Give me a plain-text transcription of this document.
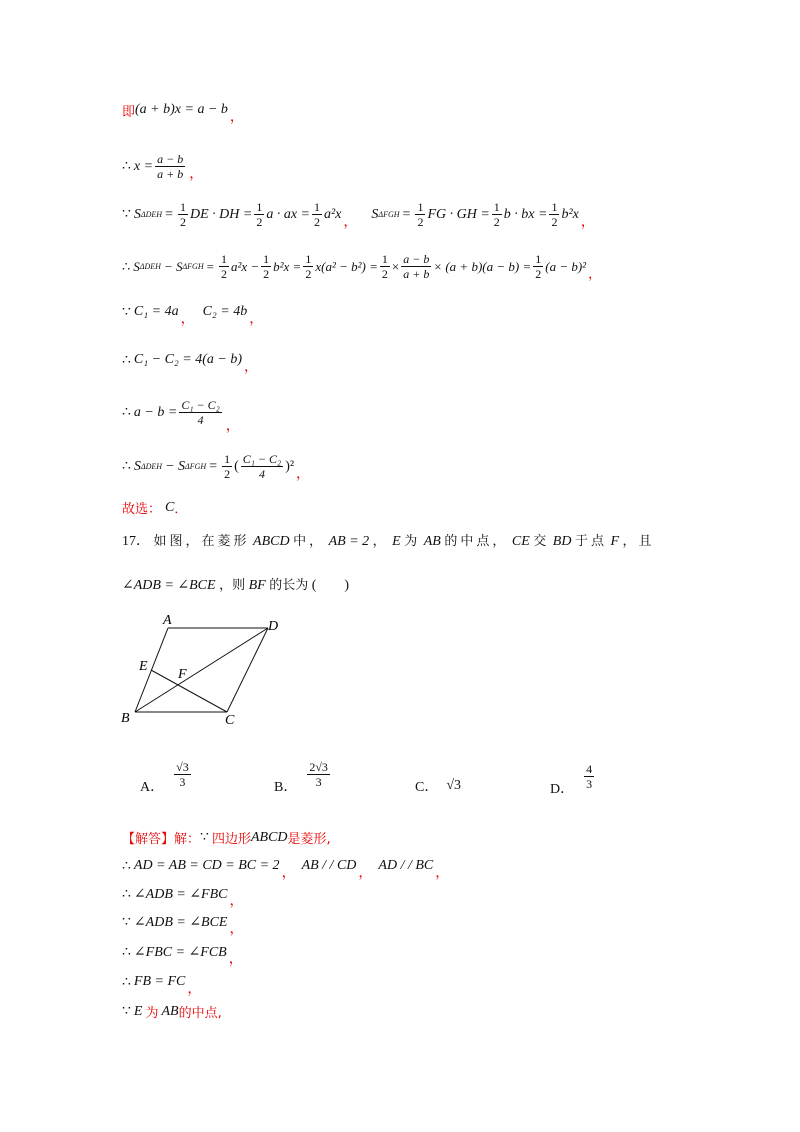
即 (a + b)x = a − b
，
∴ $x = \frac{a - b}{a + b}$ ，
∵ S $\Delta DEH = \frac{1}{2}$ DE · DH = $\frac{1}{2}$ a · ax = $\frac{1}{2} a^2x$
，
S $\Delta FGH = \frac{1}{2}$ FG · GH = $\frac{1}{2}$ b · bx = $\frac{1}{2} b^2x$
，
∴ S ΔDEH − S $\Delta FGH = \frac{1}{2} a^2x - \frac{1}{2} b^2x = \frac{1}{2} x(a^2 - b^2) = \frac{1}{2} \times \frac{a - b}{a + b} \times (a + b)(a - b) = \frac{1}{2} (a - b)^2$ ，
∵ C₁ = 4a
，
C₂ = 4b
，
∴ C₁ − C₂ = 4(a − b)
，
∴ $a - b = \frac{\text{C₁ − C₂}}{4}$ ，
∴ S ΔDEH − S $\Delta FGH = \frac{1}{2}$ ( $\frac{\text{C₁ − C₂}}{4} )^2$
，
故选： C ．
17． 如图，在菱形 ABCD 中， AB = 2 ， E 为 AB 的中点， CE 交 BD 于点 F ，且
∠ADB = ∠BCE ，则 BF 的长为 (　　)
A	D
E
F
B	C
A． $\frac{√3}{3}$	B． $\frac{2√3}{3}$	C． √3	D． $\frac{4}{3}$
【解答】 解： ∵ 四边形 ABCD 是菱形,
∴ AD = AB = CD = BC = 2
，
AB / / CD
，
AD / / BC
，
∴ ∠ADB = ∠FBC ，
∵ ∠ADB = ∠BCE ，
∴ ∠FBC = ∠FCB ，
∴ FB = FC
，
∵ E 为 AB 的中点,
